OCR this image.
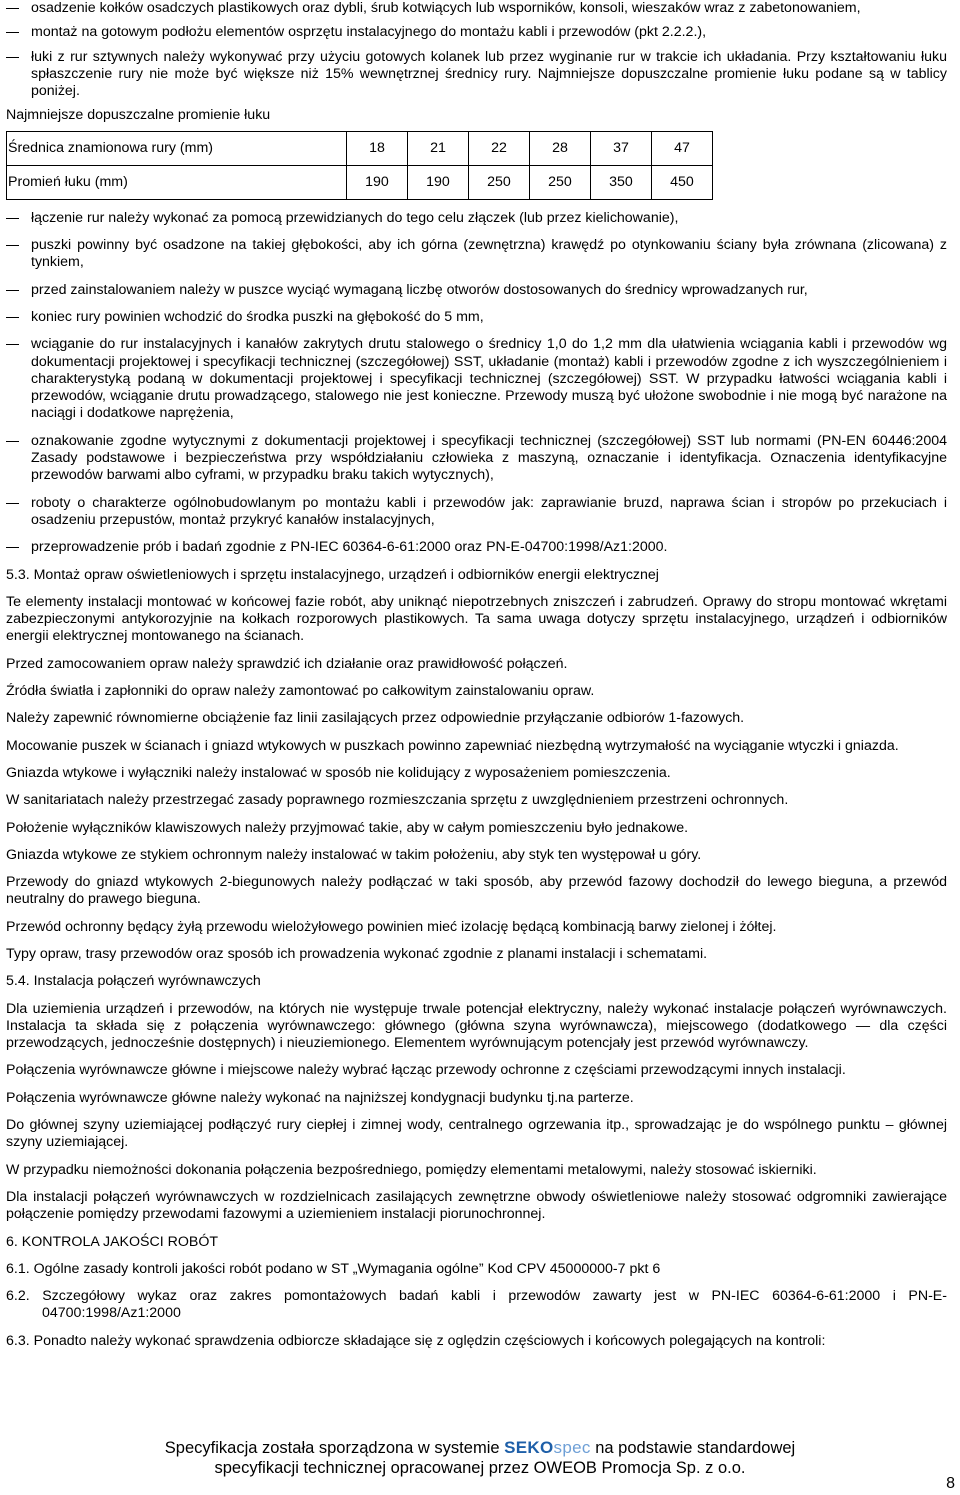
osadzenie kołków osadczych plastikowych oraz dybli, śrub kotwiących lub wsporników, konsoli, wieszaków wraz z zabetonowaniem,
montaż na gotowym podłożu elementów osprzętu instalacyjnego do montażu kabli i przewodów (pkt 2.2.2.),
łuki z rur sztywnych należy wykonywać przy użyciu gotowych kolanek lub przez wyginanie rur w trakcie ich układania. Przy kształtowaniu łuku spłaszczenie rury nie może być większe niż 15% wewnętrznej średnicy rury. Najmniejsze dopuszczalne promienie łuku podane są w tablicy poniżej.
Najmniejsze dopuszczalne promienie łuku
Średnica znamionowa rury (mm)	18	21	22	28	37	47
Promień łuku (mm)	190	190	250	250	350	450
łączenie rur należy wykonać za pomocą przewidzianych do tego celu złączek (lub przez kielichowanie),
puszki powinny być osadzone na takiej głębokości, aby ich górna (zewnętrzna) krawędź po otynkowaniu ściany była zrównana (zlicowana) z tynkiem,
przed zainstalowaniem należy w puszce wyciąć wymaganą liczbę otworów dostosowanych do średnicy wprowadzanych rur,
koniec rury powinien wchodzić do środka puszki na głębokość do 5 mm,
wciąganie do rur instalacyjnych i kanałów zakrytych drutu stalowego o średnicy 1,0 do 1,2 mm dla ułatwienia wciągania kabli i przewodów wg dokumentacji projektowej i specyfikacji technicznej (szczegółowej) SST, układanie (montaż) kabli i przewodów zgodne z ich wyszczególnieniem i charakterystyką podaną w dokumentacji projektowej i specyfikacji technicznej (szczegółowej) SST. W przypadku łatwości wciągania kabli i przewodów, wciąganie drutu prowadzącego, stalowego nie jest konieczne. Przewody muszą być ułożone swobodnie i nie mogą być narażone na naciągi i dodatkowe naprężenia,
oznakowanie zgodne wytycznymi z dokumentacji projektowej i specyfikacji technicznej (szczegółowej) SST lub normami (PN-EN 60446:2004 Zasady podstawowe i bezpieczeństwa przy współdziałaniu człowieka z maszyną, oznaczanie i identyfikacja. Oznaczenia identyfikacyjne przewodów barwami albo cyframi, w przypadku braku takich wytycznych),
roboty o charakterze ogólnobudowlanym po montażu kabli i przewodów jak: zaprawianie bruzd, naprawa ścian i stropów po przekuciach i osadzeniu przepustów, montaż przykryć kanałów instalacyjnych,
przeprowadzenie prób i badań zgodnie z PN-IEC 60364-6-61:2000 oraz PN-E-04700:1998/Az1:2000.
5.3. Montaż opraw oświetleniowych i sprzętu instalacyjnego, urządzeń i odbiorników energii elektrycznej
Te elementy instalacji montować w końcowej fazie robót, aby uniknąć niepotrzebnych zniszczeń i zabrudzeń. Oprawy do stropu montować wkrętami zabezpieczonymi antykorozyjnie na kołkach rozporowych plastikowych. Ta sama uwaga dotyczy sprzętu instalacyjnego, urządzeń i odbiorników energii elektrycznej montowanego na ścianach.
Przed zamocowaniem opraw należy sprawdzić ich działanie oraz prawidłowość połączeń.
Źródła światła i zapłonniki do opraw należy zamontować po całkowitym zainstalowaniu opraw.
Należy zapewnić równomierne obciążenie faz linii zasilających przez odpowiednie przyłączanie odbiorów 1-fazowych.
Mocowanie puszek w ścianach i gniazd wtykowych w puszkach powinno zapewniać niezbędną wytrzymałość na wyciąganie wtyczki i gniazda.
Gniazda wtykowe i wyłączniki należy instalować w sposób nie kolidujący z wyposażeniem pomieszczenia.
W sanitariatach należy przestrzegać zasady poprawnego rozmieszczania sprzętu z uwzględnieniem przestrzeni ochronnych.
Położenie wyłączników klawiszowych należy przyjmować takie, aby w całym pomieszczeniu było jednakowe.
Gniazda wtykowe ze stykiem ochronnym należy instalować w takim położeniu, aby styk ten występował u góry.
Przewody do gniazd wtykowych 2-biegunowych należy podłączać w taki sposób, aby przewód fazowy dochodził do lewego bieguna, a przewód neutralny do prawego bieguna.
Przewód ochronny będący żyłą przewodu wielożyłowego powinien mieć izolację będącą kombinacją barwy zielonej i żółtej.
Typy opraw, trasy przewodów oraz sposób ich prowadzenia wykonać zgodnie z planami instalacji i schematami.
5.4. Instalacja połączeń wyrównawczych
Dla uziemienia urządzeń i przewodów, na których nie występuje trwale potencjał elektryczny, należy wykonać instalacje połączeń wyrównawczych. Instalacja ta składa się z połączenia wyrównawczego: głównego (główna szyna wyrównawcza), miejscowego (dodatkowego — dla części przewodzących, jednocześnie dostępnych) i nieuziemionego. Elementem wyrównującym potencjały jest przewód wyrównawczy.
Połączenia wyrównawcze główne i miejscowe należy wybrać łącząc przewody ochronne z częściami przewodzącymi innych instalacji.
Połączenia wyrównawcze główne należy wykonać na najniższej kondygnacji budynku tj.na parterze.
Do głównej szyny uziemiającej podłączyć rury ciepłej i zimnej wody, centralnego ogrzewania itp., sprowadzając je do wspólnego punktu – głównej szyny uziemiającej.
W przypadku niemożności dokonania połączenia bezpośredniego, pomiędzy elementami metalowymi, należy stosować iskierniki.
Dla instalacji połączeń wyrównawczych w rozdzielnicach zasilających zewnętrzne obwody oświetleniowe należy stosować odgromniki zawierające połączenie pomiędzy przewodami fazowymi a uziemieniem instalacji piorunochronnej.
6. KONTROLA JAKOŚCI ROBÓT
6.1. Ogólne zasady kontroli jakości robót podano w ST „Wymagania ogólne” Kod CPV 45000000-7 pkt 6
6.2. Szczegółowy wykaz oraz zakres pomontażowych badań kabli i przewodów zawarty jest w PN-IEC 60364-6-61:2000 i PN-E-04700:1998/Az1:2000
6.3. Ponadto należy wykonać sprawdzenia odbiorcze składające się z oględzin częściowych i końcowych polegających na kontroli:
Specyfikacja została sporządzona w systemie SEKOspec na podstawie standardowej
specyfikacji technicznej opracowanej przez OWEOB Promocja Sp. z o.o.
8
